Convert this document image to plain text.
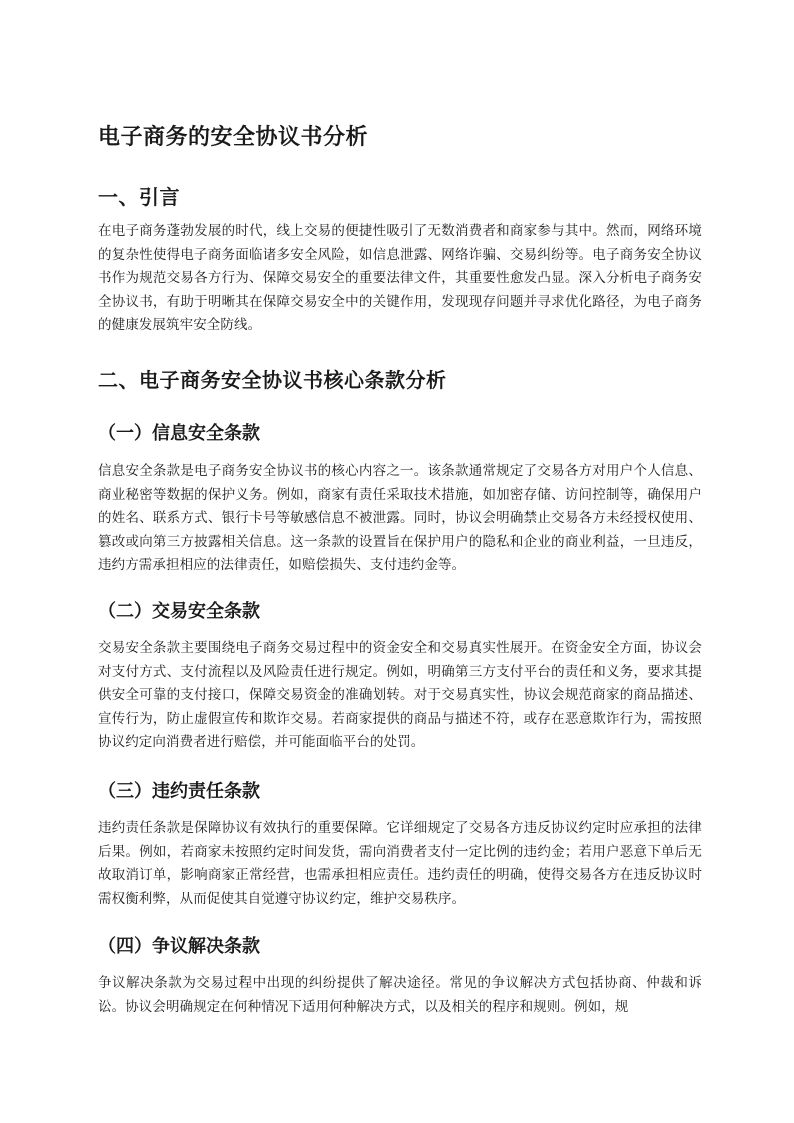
电子商务的安全协议书分析
一、引言

在电子商务蓬勃发展的时代，线上交易的便捷性吸引了无数消费者和商家参与其中。然而，网络环境的复杂性使得电子商务面临诸多安全风险，如信息泄露、网络诈骗、交易纠纷等。电子商务安全协议书作为规范交易各方行为、保障交易安全的重要法律文件，其重要性愈发凸显。深入分析电子商务安全协议书，有助于明晰其在保障交易安全中的关键作用，发现现存问题并寻求优化路径，为电子商务的健康发展筑牢安全防线。

二、电子商务安全协议书核心条款分析
（一）信息安全条款

信息安全条款是电子商务安全协议书的核心内容之一。该条款通常规定了交易各方对用户个人信息、商业秘密等数据的保护义务。例如，商家有责任采取技术措施，如加密存储、访问控制等，确保用户的姓名、联系方式、银行卡号等敏感信息不被泄露。同时，协议会明确禁止交易各方未经授权使用、篡改或向第三方披露相关信息。这一条款的设置旨在保护用户的隐私和企业的商业利益，一旦违反，违约方需承担相应的法律责任，如赔偿损失、支付违约金等。

（二）交易安全条款

交易安全条款主要围绕电子商务交易过程中的资金安全和交易真实性展开。在资金安全方面，协议会对支付方式、支付流程以及风险责任进行规定。例如，明确第三方支付平台的责任和义务，要求其提供安全可靠的支付接口，保障交易资金的准确划转。对于交易真实性，协议会规范商家的商品描述、宣传行为，防止虚假宣传和欺诈交易。若商家提供的商品与描述不符，或存在恶意欺诈行为，需按照协议约定向消费者进行赔偿，并可能面临平台的处罚。

（三）违约责任条款

违约责任条款是保障协议有效执行的重要保障。它详细规定了交易各方违反协议约定时应承担的法律后果。例如，若商家未按照约定时间发货，需向消费者支付一定比例的违约金；若用户恶意下单后无故取消订单，影响商家正常经营，也需承担相应责任。违约责任的明确，使得交易各方在违反协议时需权衡利弊，从而促使其自觉遵守协议约定，维护交易秩序。

（四）争议解决条款

争议解决条款为交易过程中出现的纠纷提供了解决途径。常见的争议解决方式包括协商、仲裁和诉讼。协议会明确规定在何种情况下适用何种解决方式，以及相关的程序和规则。例如，规
